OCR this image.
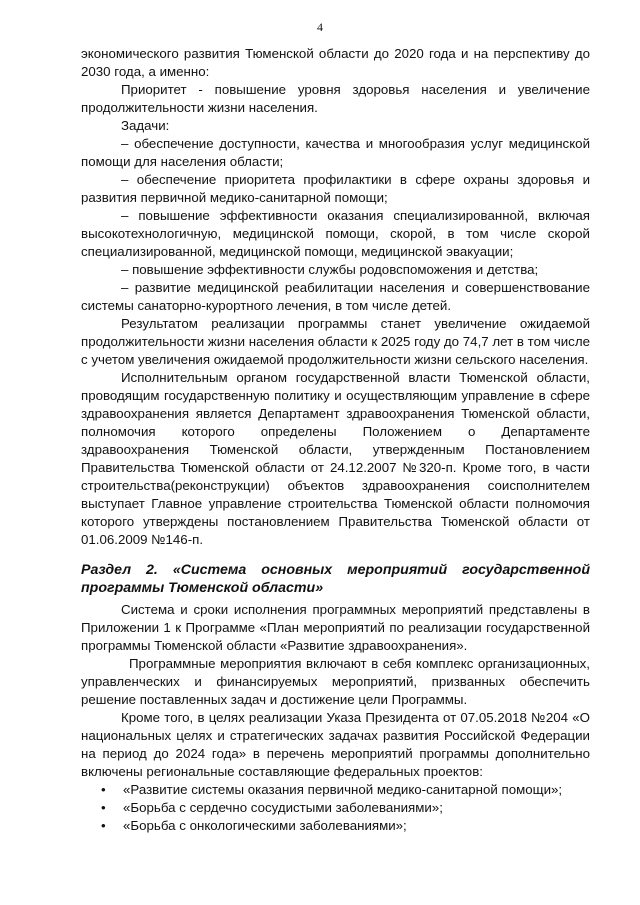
4

экономического развития Тюменской области до 2020 года и на перспективу до 2030 года, а именно:

Приоритет - повышение уровня здоровья населения и увеличение продолжительности жизни населения.

Задачи:

– обеспечение доступности, качества и многообразия услуг медицинской помощи для населения области;

– обеспечение приоритета профилактики в сфере охраны здоровья и развития первичной медико-санитарной помощи;

– повышение эффективности оказания специализированной, включая высокотехнологичную, медицинской помощи, скорой, в том числе скорой специализированной, медицинской помощи, медицинской эвакуации;

– повышение эффективности службы родовспоможения и детства;

– развитие медицинской реабилитации населения и совершенствование системы санаторно-курортного лечения, в том числе детей.

Результатом реализации программы станет увеличение ожидаемой продолжительности жизни населения области к 2025 году до 74,7 лет в том числе с учетом увеличения ожидаемой продолжительности жизни сельского населения.

Исполнительным органом государственной власти Тюменской области, проводящим государственную политику и осуществляющим управление в сфере здравоохранения является Департамент здравоохранения Тюменской области, полномочия которого определены Положением о Департаменте здравоохранения Тюменской области, утвержденным Постановлением Правительства Тюменской области от 24.12.2007 №320-п. Кроме того, в части строительства(реконструкции) объектов здравоохранения соисполнителем выступает Главное управление строительства Тюменской области полномочия которого утверждены постановлением Правительства Тюменской области от 01.06.2009 №146-п.

Раздел 2. «Система основных мероприятий государственной программы Тюменской области»

Система и сроки исполнения программных мероприятий представлены в Приложении 1 к Программе «План мероприятий по реализации государственной программы Тюменской области «Развитие здравоохранения».

Программные мероприятия включают в себя комплекс организационных, управленческих и финансируемых мероприятий, призванных обеспечить решение поставленных задач и достижение цели Программы.

Кроме того, в целях реализации Указа Президента от 07.05.2018 №204 «О национальных целях и стратегических задачах развития Российской Федерации на период до 2024 года» в перечень мероприятий программы дополнительно включены региональные составляющие федеральных проектов:

• «Развитие системы оказания первичной медико-санитарной помощи»;
• «Борьба с сердечно сосудистыми заболеваниями»;
• «Борьба с онкологическими заболеваниями»;
